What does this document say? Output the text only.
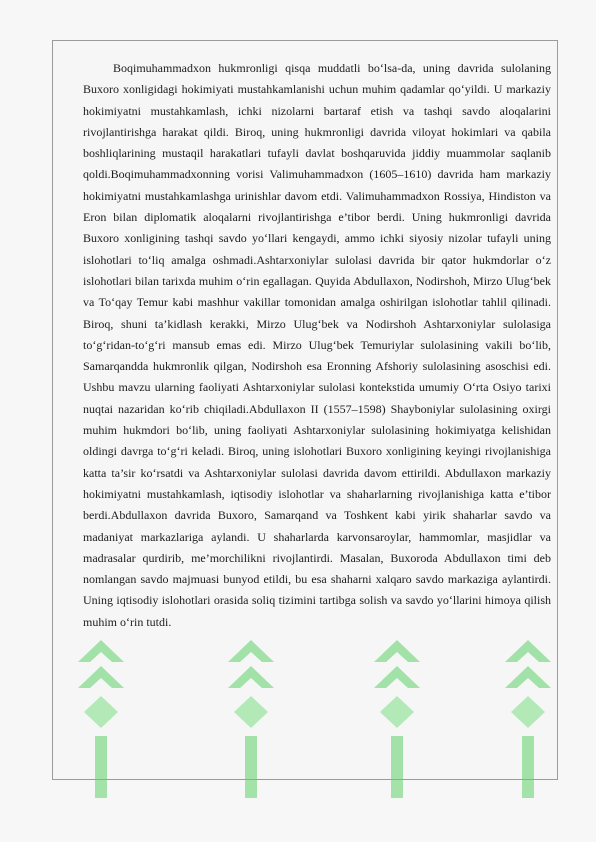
Boqimuhammadxon hukmronligi qisqa muddatli bo‘lsa-da, uning davrida sulolaning Buxoro xonligidagi hokimiyati mustahkamlanishi uchun muhim qadamlar qo‘yildi. U markaziy hokimiyatni mustahkamlash, ichki nizolarni bartaraf etish va tashqi savdo aloqalarini rivojlantirishga harakat qildi. Biroq, uning hukmronligi davrida viloyat hokimlari va qabila boshliqlarining mustaqil harakatlari tufayli davlat boshqaruvida jiddiy muammolar saqlanib qoldi.Boqimuhammadxonning vorisi Valimuhammadxon (1605–1610) davrida ham markaziy hokimiyatni mustahkamlashga urinishlar davom etdi. Valimuhammadxon Rossiya, Hindiston va Eron bilan diplomatik aloqalarni rivojlantirishga e’tibor berdi. Uning hukmronligi davrida Buxoro xonligining tashqi savdo yo‘llari kengaydi, ammo ichki siyosiy nizolar tufayli uning islohotlari to‘liq amalga oshmadi.Ashtarxoniylar sulolasi davrida bir qator hukmdorlar o‘z islohotlari bilan tarixda muhim o‘rin egallagan. Quyida Abdullaxon, Nodirshoh, Mirzo Ulug‘bek va To‘qay Temur kabi mashhur vakillar tomonidan amalga oshirilgan islohotlar tahlil qilinadi. Biroq, shuni ta’kidlash kerakki, Mirzo Ulug‘bek va Nodirshoh Ashtarxoniylar sulolasiga to‘g‘ridan-to‘g‘ri mansub emas edi. Mirzo Ulug‘bek Temuriylar sulolasining vakili bo‘lib, Samarqandda hukmronlik qilgan, Nodirshoh esa Eronning Afshoriy sulolasining asoschisi edi. Ushbu mavzu ularning faoliyati Ashtarxoniylar sulolasi kontekstida umumiy O‘rta Osiyo tarixi nuqtai nazaridan ko‘rib chiqiladi.Abdullaxon II (1557–1598) Shayboniylar sulolasining oxirgi muhim hukmdori bo‘lib, uning faoliyati Ashtarxoniylar sulolasining hokimiyatga kelishidan oldingi davrga to‘g‘ri keladi. Biroq, uning islohotlari Buxoro xonligining keyingi rivojlanishiga katta ta’sir ko‘rsatdi va Ashtarxoniylar sulolasi davrida davom ettirildi. Abdullaxon markaziy hokimiyatni mustahkamlash, iqtisodiy islohotlar va shaharlarning rivojlanishiga katta e’tibor berdi.Abdullaxon davrida Buxoro, Samarqand va Toshkent kabi yirik shaharlar savdo va madaniyat markazlariga aylandi. U shaharlarda karvonsaroylar, hammomlar, masjidlar va madrasalar qurdirib, me’morchilikni rivojlantirdi. Masalan, Buxoroda Abdullaxon timi deb nomlangan savdo majmuasi bunyod etildi, bu esa shaharni xalqaro savdo markaziga aylantirdi. Uning iqtisodiy islohotlari orasida soliq tizimini tartibga solish va savdo yo‘llarini himoya qilish muhim o‘rin tutdi.
